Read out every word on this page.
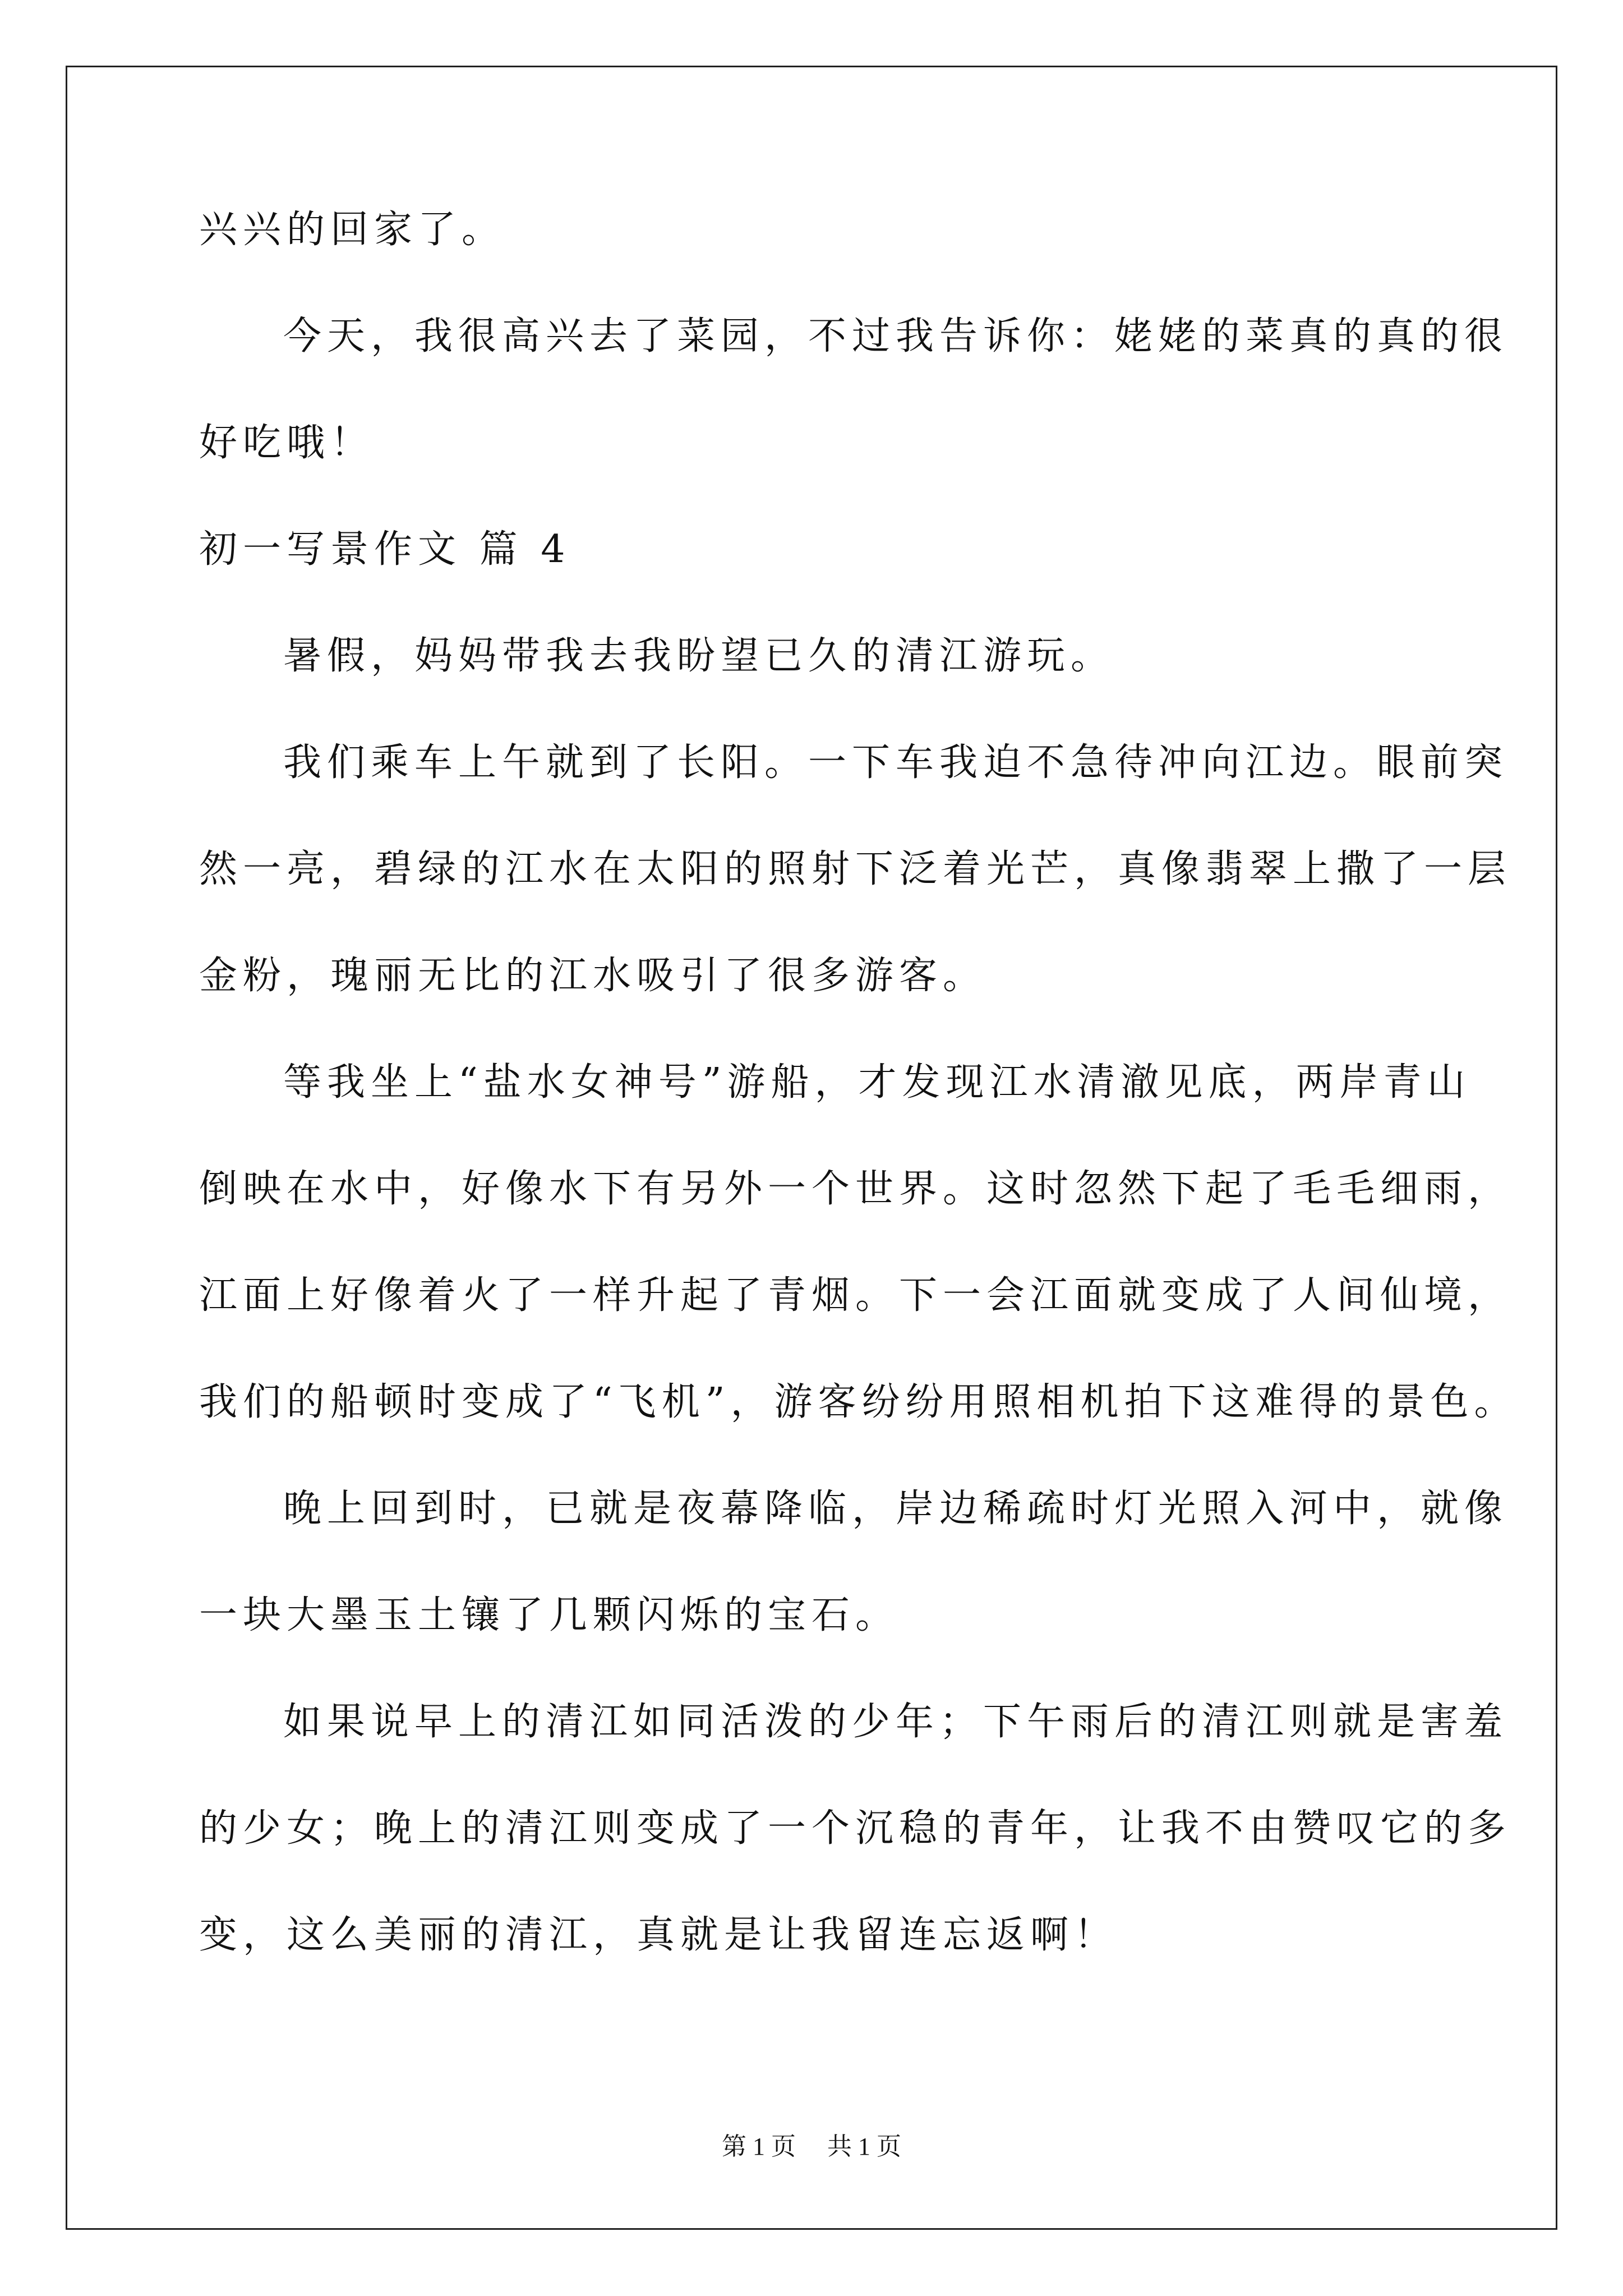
兴兴的回家了。
今天，我很高兴去了菜园，不过我告诉你：姥姥的菜真的真的很
好吃哦！
初一写景作文 篇 4
暑假，妈妈带我去我盼望已久的清江游玩。
我们乘车上午就到了长阳。一下车我迫不急待冲向江边。眼前突
然一亮，碧绿的江水在太阳的照射下泛着光芒，真像翡翠上撒了一层
金粉，瑰丽无比的江水吸引了很多游客。
等我坐上“盐水女神号”游船，才发现江水清澈见底，两岸青山
倒映在水中，好像水下有另外一个世界。这时忽然下起了毛毛细雨，
江面上好像着火了一样升起了青烟。下一会江面就变成了人间仙境，
我们的船顿时变成了“飞机”，游客纷纷用照相机拍下这难得的景色。
晚上回到时，已就是夜幕降临，岸边稀疏时灯光照入河中，就像
一块大墨玉土镶了几颗闪烁的宝石。
如果说早上的清江如同活泼的少年；下午雨后的清江则就是害羞
的少女；晚上的清江则变成了一个沉稳的青年，让我不由赞叹它的多
变，这么美丽的清江，真就是让我留连忘返啊！
第 1 页 共 1 页
